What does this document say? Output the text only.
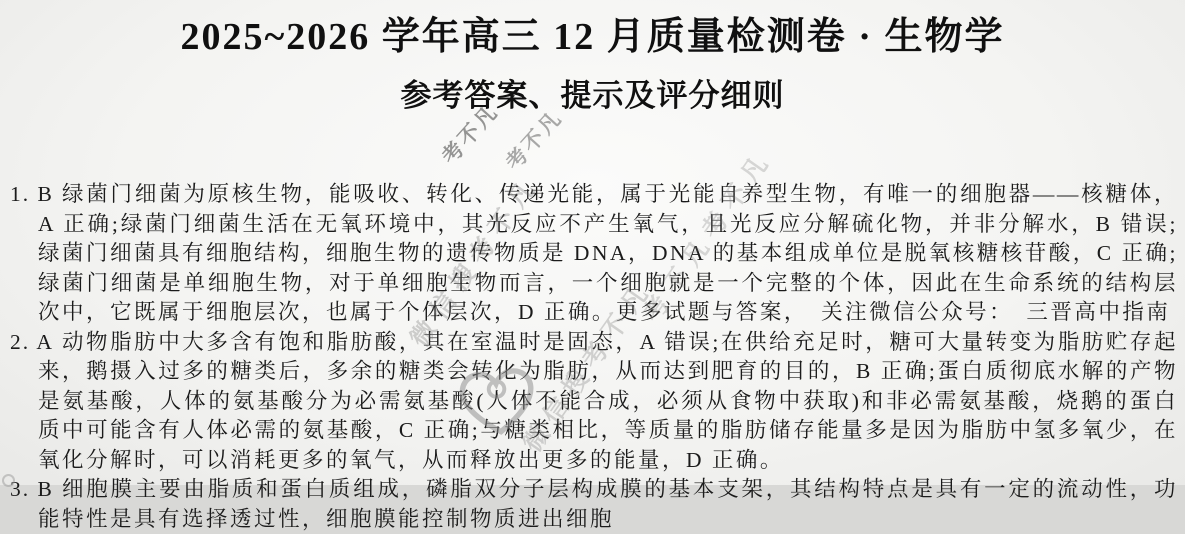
2025~2026 学年高三 12 月质量检测卷 · 生物学
参考答案、提示及评分细则

1. B 绿菌门细菌为原核生物，能吸收、转化、传递光能，属于光能自养型生物，有唯一的细胞器——核糖体，A 正确;绿菌门细菌生活在无氧环境中，其光反应不产生氧气，且光反应分解硫化物，并非分解水，B 错误;绿菌门细菌具有细胞结构，细胞生物的遗传物质是 DNA，DNA 的基本组成单位是脱氧核糖核苷酸，C 正确;绿菌门细菌是单细胞生物，对于单细胞生物而言，一个细胞就是一个完整的个体，因此在生命系统的结构层次中，它既属于细胞层次，也属于个体层次，D 正确。更多试题与答案，　关注微信公众号：　三晋高中指南

2. A 动物脂肪中大多含有饱和脂肪酸，其在室温时是固态，A 错误;在供给充足时，糖可大量转变为脂肪贮存起来，鹅摄入过多的糖类后，多余的糖类会转化为脂肪，从而达到肥育的目的，B 正确;蛋白质彻底水解的产物是氨基酸，人体的氨基酸分为必需氨基酸(人体不能合成，必须从食物中获取)和非必需氨基酸，烧鹅的蛋白质中可能含有人体必需的氨基酸，C 正确;与糖类相比，等质量的脂肪储存能量多是因为脂肪中氢多氧少，在氧化分解时，可以消耗更多的氧气，从而释放出更多的能量，D 正确。

3. B 细胞膜主要由脂质和蛋白质组成，磷脂双分子层构成膜的基本支架，其结构特点是具有一定的流动性，功能特性是具有选择透过性，细胞膜能控制物质进出细胞

考不凡
考不凡
微信搜考不凡
微信搜考不凡
考不凡考不凡
